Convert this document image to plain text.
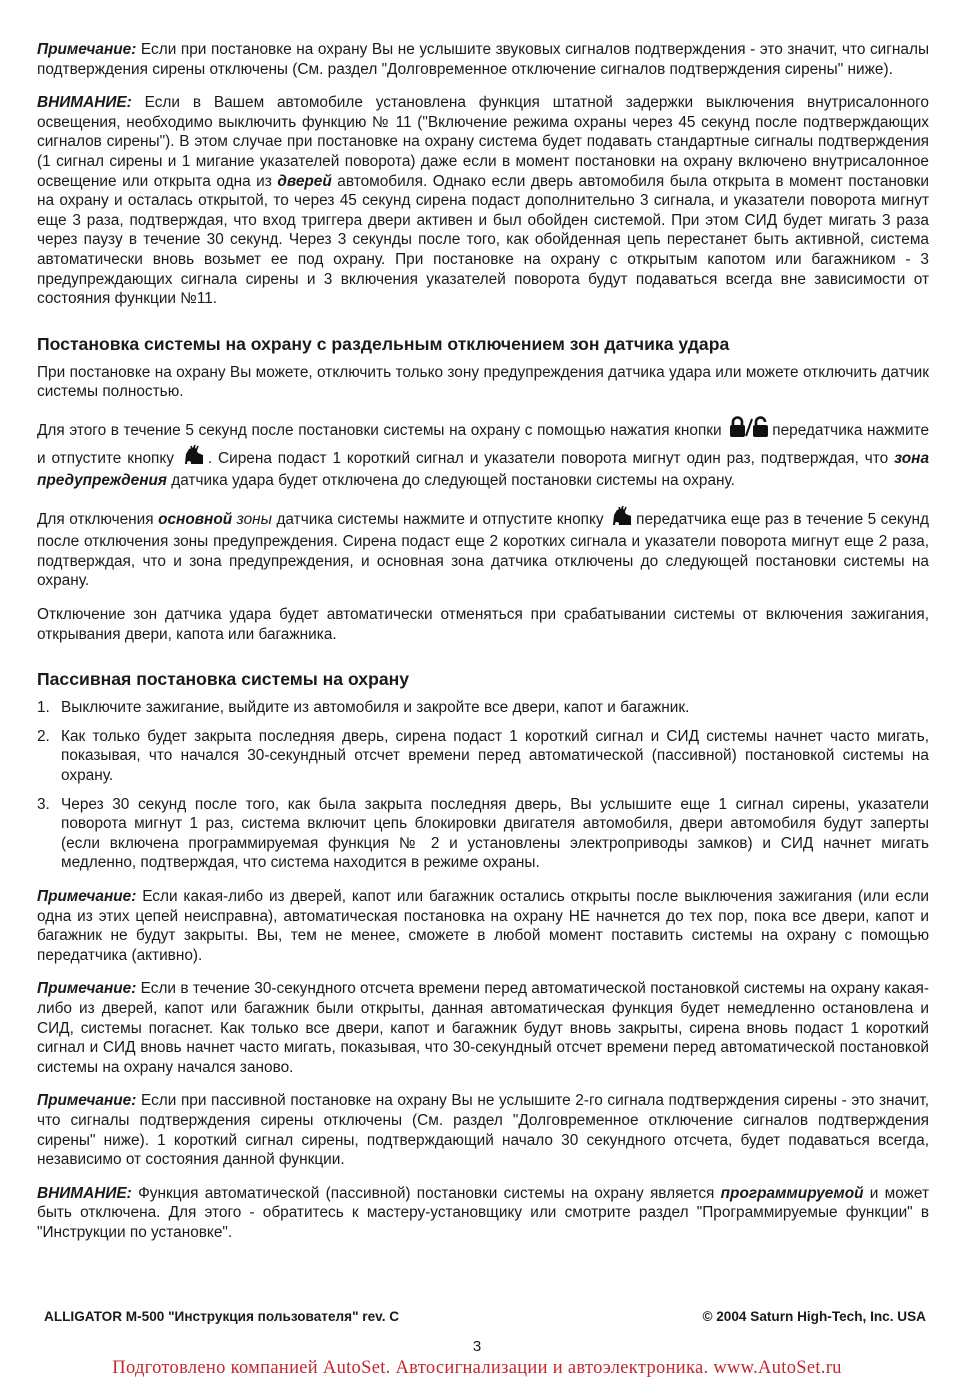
Примечание: Если при постановке на охрану Вы не услышите звуковых сигналов подтверждения - это значит, что сигналы подтверждения сирены отключены (См. раздел "Долговременное отключение сигналов подтверждения сирены" ниже).

ВНИМАНИЕ: Если в Вашем автомобиле установлена функция штатной задержки выключения внутрисалонного освещения, необходимо выключить функцию № 11 ("Включение режима охраны через 45 секунд после подтверждающих сигналов сирены"). В этом случае при постановке на охрану система будет подавать стандартные сигналы подтверждения (1 сигнал сирены и 1 мигание указателей поворота) даже если в момент постановки на охрану включено внутрисалонное освещение или открыта одна из дверей автомобиля. Однако если дверь автомобиля была открыта в момент постановки на охрану и осталась открытой, то через 45 секунд сирена подаст дополнительно 3 сигнала, и указатели поворота мигнут еще 3 раза, подтверждая, что вход триггера двери активен и был обойден системой. При этом СИД будет мигать 3 раза через паузу в течение 30 секунд. Через 3 секунды после того, как обойденная цепь перестанет быть активной, система автоматически вновь возьмет ее под охрану. При постановке на охрану с открытым капотом или багажником - 3 предупреждающих сигнала сирены и 3 включения указателей поворота будут подаваться всегда вне зависимости от состояния функции №11.

Постановка системы на охрану с раздельным отключением зон датчика удара

При постановке на охрану Вы можете, отключить только зону предупреждения датчика удара или можете отключить датчик системы полностью.

Для этого в течение 5 секунд после постановки системы на охрану с помощью нажатия кнопки	передатчика нажмите и отпустите кнопку . Сирена подаст 1 короткий сигнал и указатели поворота мигнут один раз, подтверждая, что зона предупреждения датчика удара будет отключена до следующей постановки системы на охрану.

Для отключения основной зоны датчика системы нажмите и отпустите кнопку передатчика еще раз в течение 5 секунд после отключения зоны предупреждения. Сирена подаст еще 2 коротких сигнала и указатели поворота мигнут еще 2 раза, подтверждая, что и зона предупреждения, и основная зона датчика отключены до следующей постановки системы на охрану.

Отключение зон датчика удара будет автоматически отменяться при срабатывании системы от включения зажигания, открывания двери, капота или багажника.

Пассивная постановка системы на охрану
1. Выключите зажигание, выйдите из автомобиля и закройте все двери, капот и багажник.
2. Как только будет закрыта последняя дверь, сирена подаст 1 короткий сигнал и СИД системы начнет часто мигать, показывая, что начался 30-секундный отсчет времени перед автоматической (пассивной) постановкой системы на охрану.
3. Через 30 секунд после того, как была закрыта последняя дверь, Вы услышите еще 1 сигнал сирены, указатели поворота мигнут 1 раз, система включит цепь блокировки двигателя автомобиля, двери автомобиля будут заперты (если включена программируемая функция № 2 и установлены электроприводы замков) и СИД начнет мигать медленно, подтверждая, что система находится в режиме охраны.

Примечание: Если какая-либо из дверей, капот или багажник остались открыты после выключения зажигания (или если одна из этих цепей неисправна), автоматическая постановка на охрану НЕ начнется до тех пор, пока все двери, капот и багажник не будут закрыты. Вы, тем не менее, сможете в любой момент поставить системы на охрану с помощью передатчика (активно).

Примечание: Если в течение 30-секундного отсчета времени перед автоматической постановкой системы на охрану какая-либо из дверей, капот или багажник были открыты, данная автоматическая функция будет немедленно остановлена и СИД, системы погаснет. Как только все двери, капот и багажник будут вновь закрыты, сирена вновь подаст 1 короткий сигнал и СИД вновь начнет часто мигать, показывая, что 30-секундный отсчет времени перед автоматической постановкой системы на охрану начался заново.

Примечание: Если при пассивной постановке на охрану Вы не услышите 2-го сигнала подтверждения сирены - это значит, что сигналы подтверждения сирены отключены (См. раздел "Долговременное отключение сигналов подтверждения сирены" ниже). 1 короткий сигнал сирены, подтверждающий начало 30 секундного отсчета, будет подаваться всегда, независимо от состояния данной функции.

ВНИМАНИЕ: Функция автоматической (пассивной) постановки системы на охрану является программируемой и может быть отключена. Для этого - обратитесь к мастеру-установщику или смотрите раздел "Программируемые функции" в "Инструкции по установке".

ALLIGATOR M-500 "Инструкция пользователя" rev. C	© 2004 Saturn High-Tech, Inc. USA
3
Подготовлено компанией AutoSet. Автосигнализации и автоэлектроника. www.AutoSet.ru
